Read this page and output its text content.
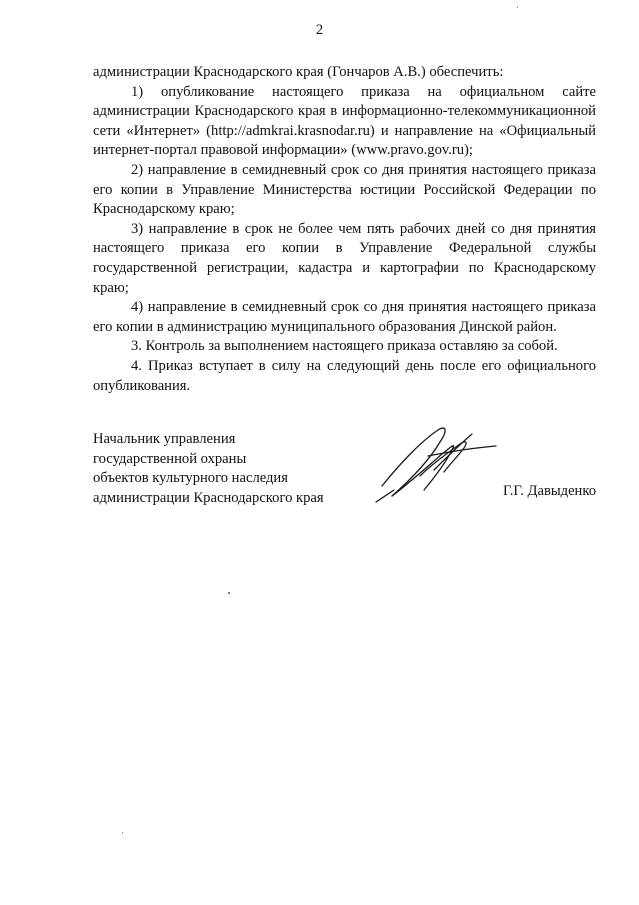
2

администрации Краснодарского края (Гончаров А.В.) обеспечить:

1) опубликование настоящего приказа на официальном сайте администрации Краснодарского края в информационно-телекоммуникационной сети «Интернет» (http://admkrai.krasnodar.ru) и направление на «Официальный интернет-портал правовой информации» (www.pravo.gov.ru);

2) направление в семидневный срок со дня принятия настоящего приказа его копии в Управление Министерства юстиции Российской Федерации по Краснодарскому краю;

3) направление в срок не более чем пять рабочих дней со дня принятия настоящего приказа его копии в Управление Федеральной службы государственной регистрации, кадастра и картографии по Краснодарскому краю;

4) направление в семидневный срок со дня принятия настоящего приказа его копии в администрацию муниципального образования Динской район.

3. Контроль за выполнением настоящего приказа оставляю за собой.

4. Приказ вступает в силу на следующий день после его официального опубликования.

Начальник управления
государственной охраны
объектов культурного наследия
администрации Краснодарского края	Г.Г. Давыденко
